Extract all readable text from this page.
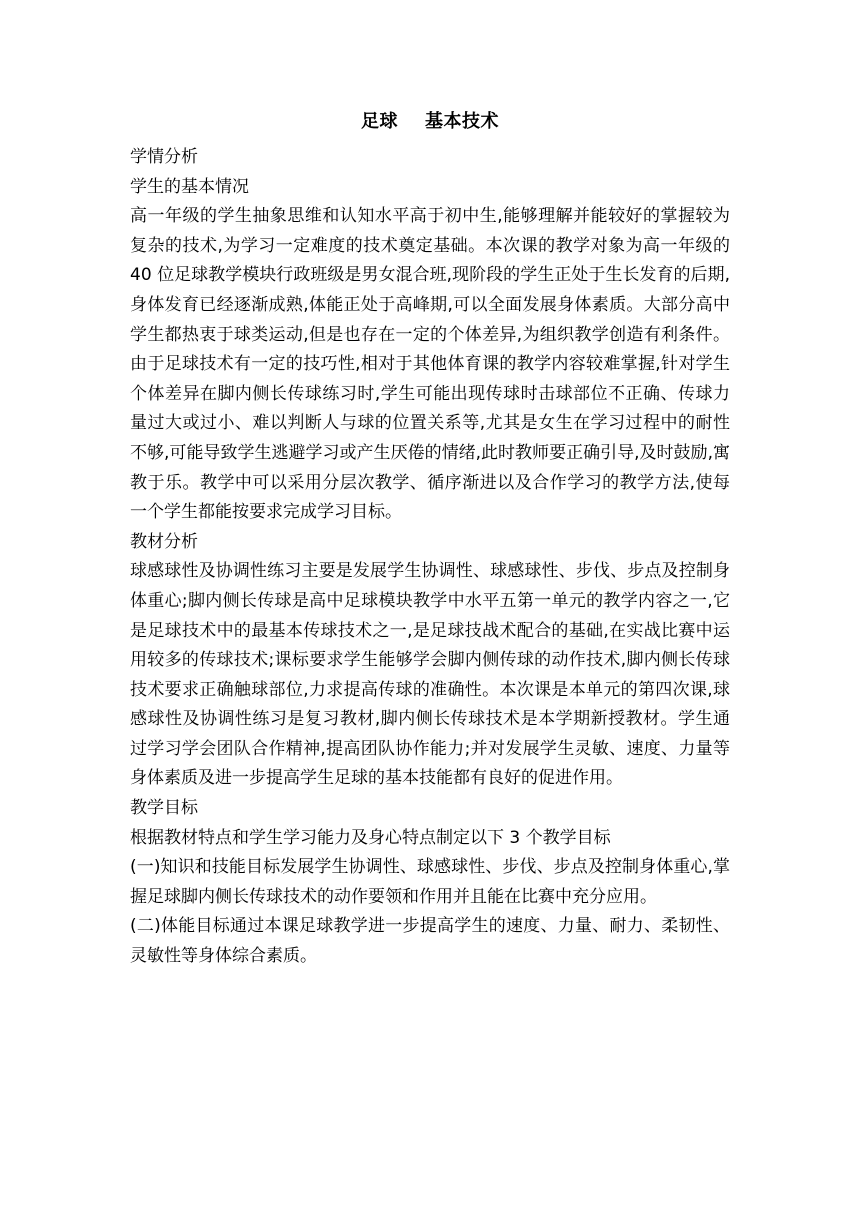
足球    基本技术

学情分析

学生的基本情况

高一年级的学生抽象思维和认知水平高于初中生,能够理解并能较好的掌握较为复杂的技术,为学习一定难度的技术奠定基础。本次课的教学对象为高一年级的 40 位足球教学模块行政班级是男女混合班,现阶段的学生正处于生长发育的后期,身体发育已经逐渐成熟,体能正处于高峰期,可以全面发展身体素质。大部分高中学生都热衷于球类运动,但是也存在一定的个体差异,为组织教学创造有利条件。由于足球技术有一定的技巧性,相对于其他体育课的教学内容较难掌握,针对学生个体差异在脚内侧长传球练习时,学生可能出现传球时击球部位不正确、传球力量过大或过小、难以判断人与球的位置关系等,尤其是女生在学习过程中的耐性不够,可能导致学生逃避学习或产生厌倦的情绪,此时教师要正确引导,及时鼓励,寓教于乐。教学中可以采用分层次教学、循序渐进以及合作学习的教学方法,使每一个学生都能按要求完成学习目标。

教材分析

球感球性及协调性练习主要是发展学生协调性、球感球性、步伐、步点及控制身体重心;脚内侧长传球是高中足球模块教学中水平五第一单元的教学内容之一,它是足球技术中的最基本传球技术之一,是足球技战术配合的基础,在实战比赛中运用较多的传球技术;课标要求学生能够学会脚内侧传球的动作技术,脚内侧长传球技术要求正确触球部位,力求提高传球的准确性。本次课是本单元的第四次课,球感球性及协调性练习是复习教材,脚内侧长传球技术是本学期新授教材。学生通过学习学会团队合作精神,提高团队协作能力;并对发展学生灵敏、速度、力量等身体素质及进一步提高学生足球的基本技能都有良好的促进作用。

教学目标

根据教材特点和学生学习能力及身心特点制定以下 3 个教学目标

(一)知识和技能目标发展学生协调性、球感球性、步伐、步点及控制身体重心,掌握足球脚内侧长传球技术的动作要领和作用并且能在比赛中充分应用。

(二)体能目标通过本课足球教学进一步提高学生的速度、力量、耐力、柔韧性、灵敏性等身体综合素质。
